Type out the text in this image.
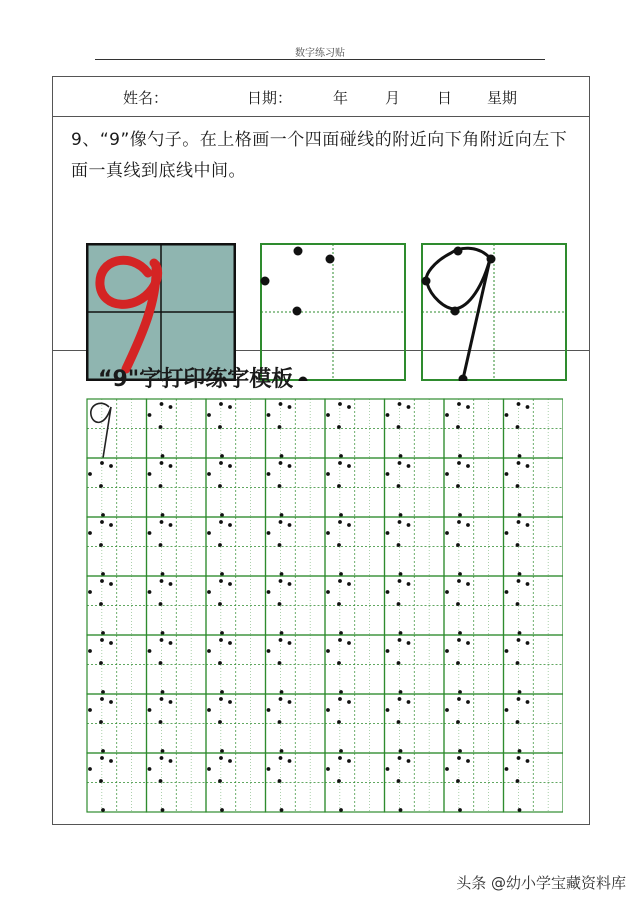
数字练习贴
姓名：	日期：	年 月 日 星期
9、“9”像勺子。在上格画一个四面碰线的附近向下角附近向左下面一真线到底线中间。
“9"字打印练字模板
头条 @幼小学宝藏资料库
